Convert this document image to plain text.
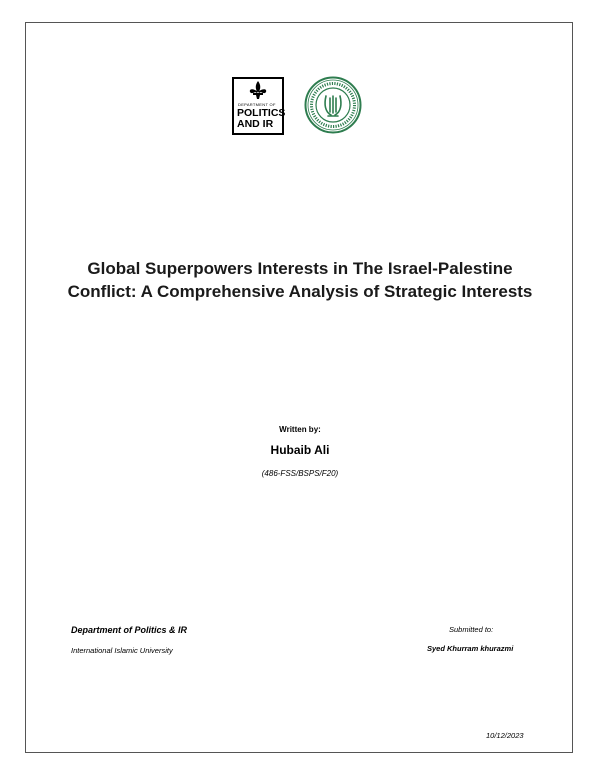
DEPARTMENT OF
POLITICS
AND IR
Global Superpowers Interests in The Israel-Palestine Conflict: A Comprehensive Analysis of Strategic Interests
Written by:
Hubaib Ali
(486-FSS/BSPS/F20)
Department of Politics & IR
International Islamic University
Submitted to:
Syed Khurram khurazmi
10/12/2023
